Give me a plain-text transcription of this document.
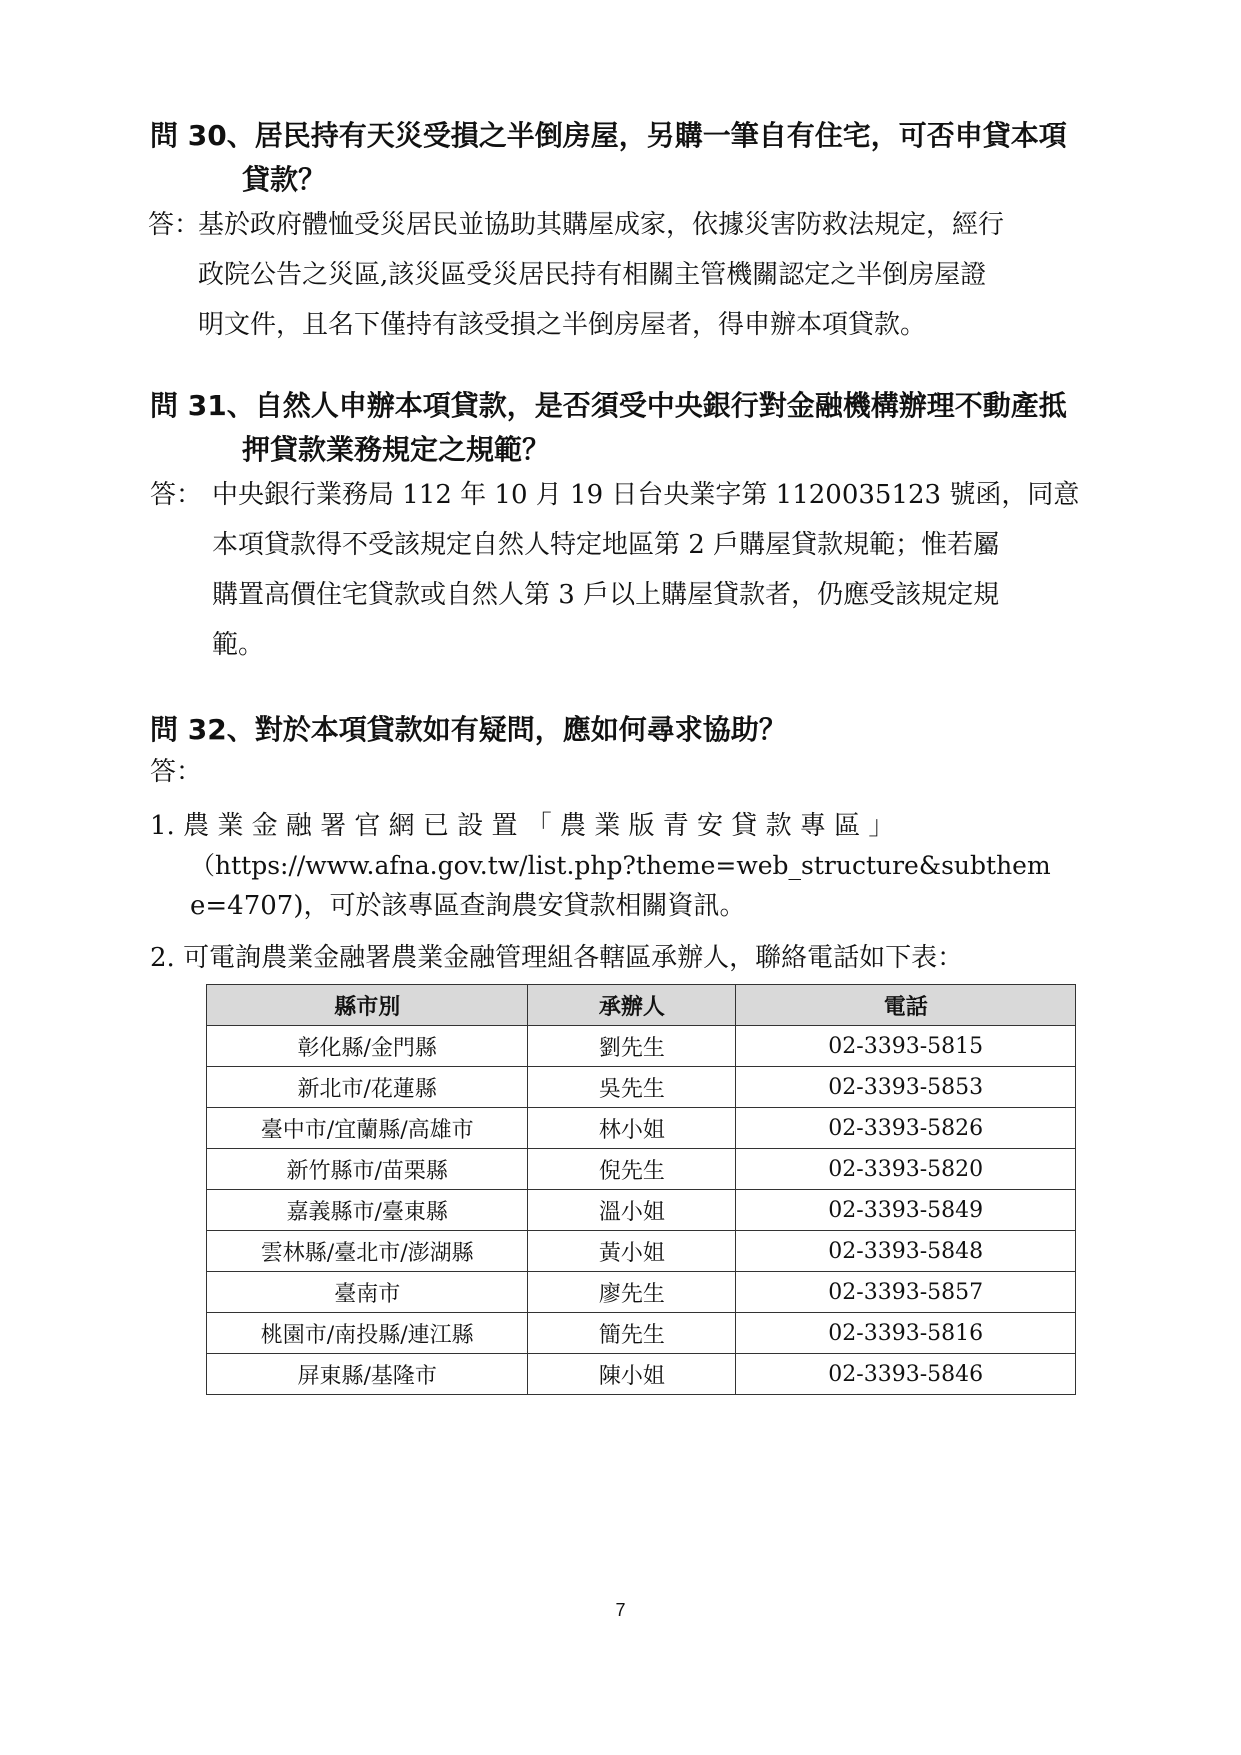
問 30、居民持有天災受損之半倒房屋，另購一筆自有住宅，可否申貸本項
貸款？
答：
基於政府體恤受災居民並協助其購屋成家，依據災害防救法規定，經行
政院公告之災區,該災區受災居民持有相關主管機關認定之半倒房屋證
明文件，且名下僅持有該受損之半倒房屋者，得申辦本項貸款。
問 31、自然人申辦本項貸款，是否須受中央銀行對金融機構辦理不動產抵
押貸款業務規定之規範？
答： 中央銀行業務局 112 年 10 月 19 日台央業字第 1120035123 號函，同意
本項貸款得不受該規定自然人特定地區第 2 戶購屋貸款規範；惟若屬
購置高價住宅貸款或自然人第 3 戶以上購屋貸款者，仍應受該規定規
範。
問 32、對於本項貸款如有疑問，應如何尋求協助？
答：
1. 農 業 金 融 署 官 網 已 設 置 「 農 業 版 青 安 貸 款 專 區 」
（https://www.afna.gov.tw/list.php?theme=web_structure&subthem
e=4707)，可於該專區查詢農安貸款相關資訊。
2. 可電詢農業金融署農業金融管理組各轄區承辦人，聯絡電話如下表：
縣市別	承辦人	電話
彰化縣/金門縣	劉先生	02-3393-5815
新北市/花蓮縣	吳先生	02-3393-5853
臺中市/宜蘭縣/高雄市	林小姐	02-3393-5826
新竹縣市/苗栗縣	倪先生	02-3393-5820
嘉義縣市/臺東縣	溫小姐	02-3393-5849
雲林縣/臺北市/澎湖縣	黃小姐	02-3393-5848
臺南市	廖先生	02-3393-5857
桃園市/南投縣/連江縣	簡先生	02-3393-5816
屏東縣/基隆市	陳小姐	02-3393-5846
7
